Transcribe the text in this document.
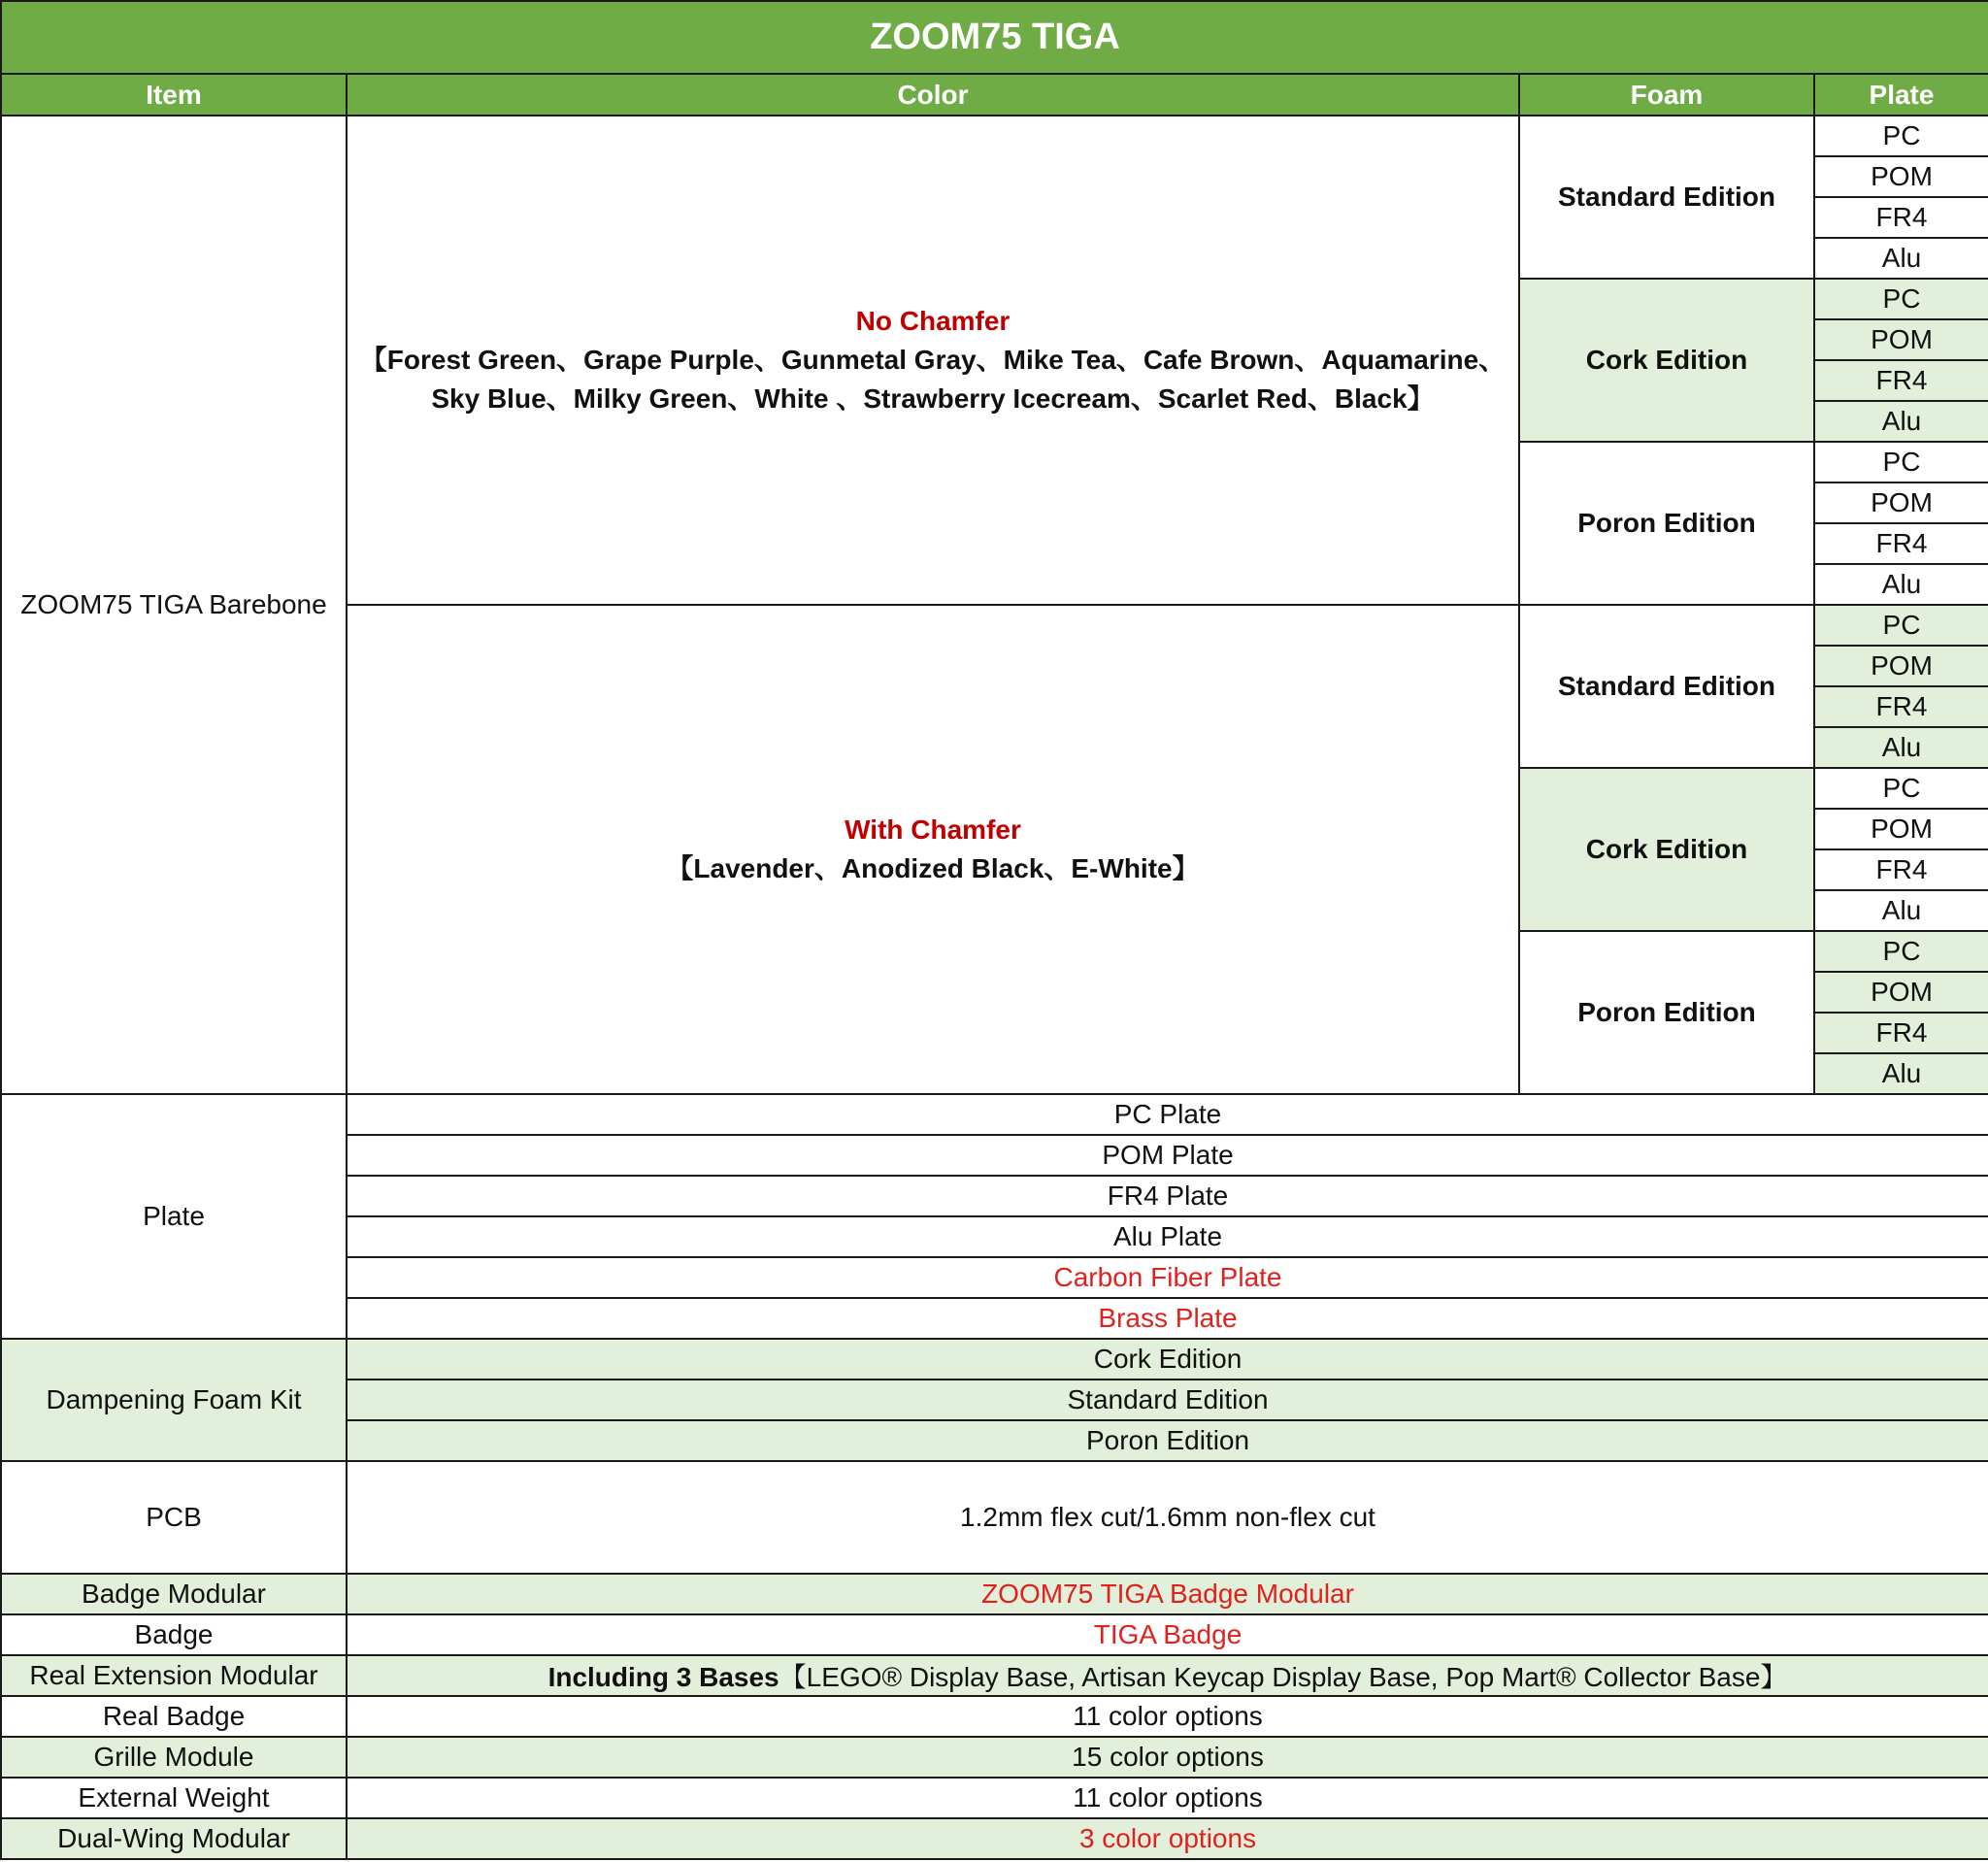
ZOOM75 TIGA			
Item	Color	Foam	Plate
ZOOM75 TIGA Barebone	No Chamfer
【Forest Green、Grape Purple、Gunmetal Gray、Mike Tea、Cafe Brown、Aquamarine、
Sky Blue、Milky Green、White 、Strawberry Icecream、Scarlet Red、Black】	Standard Edition	PC
			POM
			FR4
			Alu
		Cork Edition	PC
			POM
			FR4
			Alu
		Poron Edition	PC
			POM
			FR4
			Alu

	With Chamfer
【Lavender、Anodized Black、E-White】	Standard Edition	PC
			POM
			FR4
			Alu
		Cork Edition	PC
			POM
			FR4
			Alu
		Poron Edition	PC
			POM
			FR4
			Alu
Plate	PC Plate		
	POM Plate		
	FR4 Plate		
	Alu Plate		
	Carbon Fiber Plate		
	Brass Plate		
Dampening Foam Kit	Cork Edition		
	Standard Edition		
	Poron Edition		
PCB	1.2mm flex cut/1.6mm non-flex cut		
Badge Modular	ZOOM75 TIGA Badge Modular		
Badge	TIGA Badge		
Real Extension Modular	Including 3 Bases【LEGO® Display Base, Artisan Keycap Display Base, Pop Mart® Collector Base】		
Real Badge	11 color options		
Grille Module	15 color options		
External Weight	11 color options		
Dual-Wing Modular	3 color options		
